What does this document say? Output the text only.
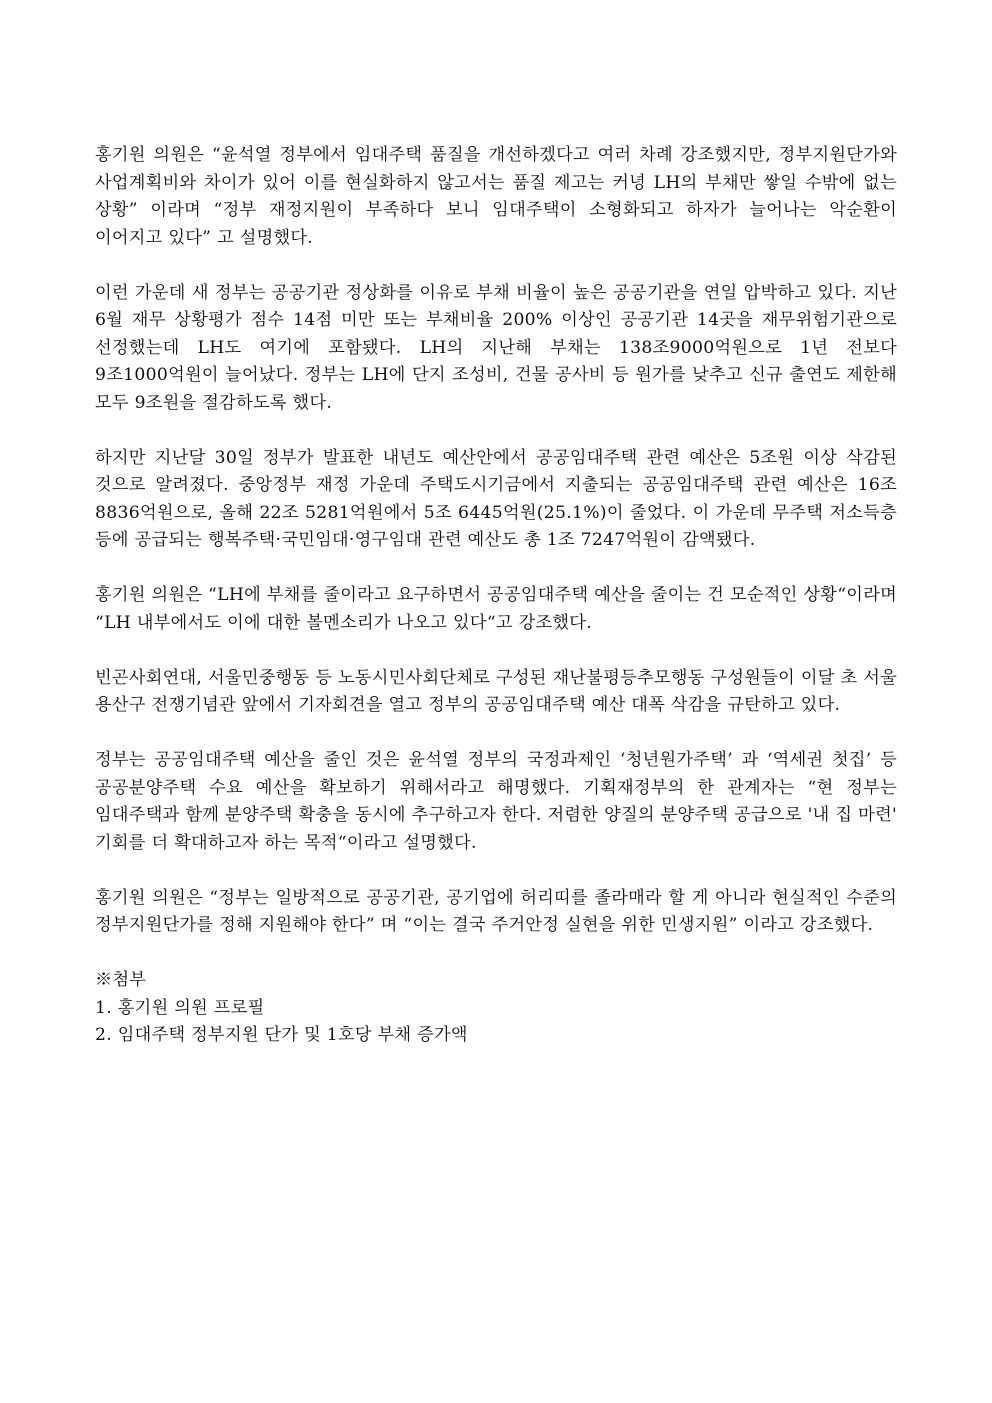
홍기원 의원은 “윤석열 정부에서 임대주택 품질을 개선하겠다고 여러 차례 강조했지만, 정부지원단가와 사업계획비와 차이가 있어 이를 현실화하지 않고서는 품질 제고는 커녕 LH의 부채만 쌓일 수밖에 없는 상황” 이라며 “정부 재정지원이 부족하다 보니 임대주택이 소형화되고 하자가 늘어나는 악순환이 이어지고 있다” 고 설명했다.

이런 가운데 새 정부는 공공기관 정상화를 이유로 부채 비율이 높은 공공기관을 연일 압박하고 있다. 지난 6월 재무 상황평가 점수 14점 미만 또는 부채비율 200% 이상인 공공기관 14곳을 재무위험기관으로 선정했는데 LH도 여기에 포함됐다. LH의 지난해 부채는 138조9000억원으로 1년 전보다 9조1000억원이 늘어났다. 정부는 LH에 단지 조성비, 건물 공사비 등 원가를 낮추고 신규 출연도 제한해 모두 9조원을 절감하도록 했다.

하지만 지난달 30일 정부가 발표한 내년도 예산안에서 공공임대주택 관련 예산은 5조원 이상 삭감된 것으로 알려졌다. 중앙정부 재정 가운데 주택도시기금에서 지출되는 공공임대주택 관련 예산은 16조 8836억원으로, 올해 22조 5281억원에서 5조 6445억원(25.1%)이 줄었다. 이 가운데 무주택 저소득층 등에 공급되는 행복주택·국민임대·영구임대 관련 예산도 총 1조 7247억원이 감액됐다.

홍기원 의원은 “LH에 부채를 줄이라고 요구하면서 공공임대주택 예산을 줄이는 건 모순적인 상황“이라며 “LH 내부에서도 이에 대한 볼멘소리가 나오고 있다“고 강조했다.

빈곤사회연대, 서울민중행동 등 노동시민사회단체로 구성된 재난불평등추모행동 구성원들이 이달 초 서울 용산구 전쟁기념관 앞에서 기자회견을 열고 정부의 공공임대주택 예산 대폭 삭감을 규탄하고 있다.

정부는 공공임대주택 예산을 줄인 것은 윤석열 정부의 국정과제인 ‘청년원가주택’ 과 ‘역세권 첫집’ 등 공공분양주택 수요 예산을 확보하기 위해서라고 해명했다. 기획재정부의 한 관계자는 “현 정부는 임대주택과 함께 분양주택 확충을 동시에 추구하고자 한다. 저렴한 양질의 분양주택 공급으로 '내 집 마련' 기회를 더 확대하고자 하는 목적“이라고 설명했다.

홍기원 의원은 “정부는 일방적으로 공공기관, 공기업에 허리띠를 졸라매라 할 게 아니라 현실적인 수준의 정부지원단가를 정해 지원해야 한다” 며 “이는 결국 주거안정 실현을 위한 민생지원” 이라고 강조했다.

※첨부

1. 홍기원 의원 프로필

2. 임대주택 정부지원 단가 및 1호당 부채 증가액
